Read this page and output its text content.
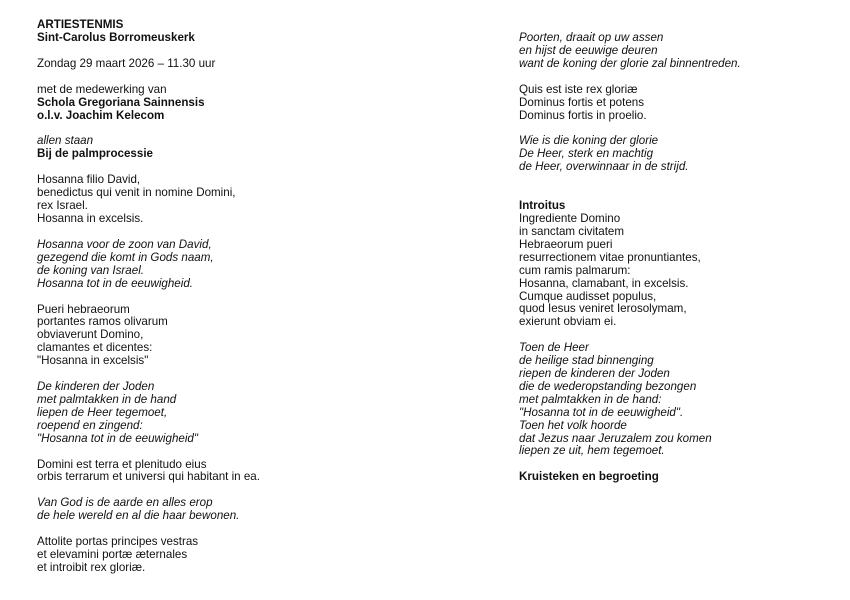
ARTIESTENMIS
Sint-Carolus Borromeuskerk
Zondag 29 maart 2026 – 11.30 uur
met de medewerking van
Schola Gregoriana Sainnensis
o.l.v. Joachim Kelecom
allen staan
Bij de palmprocessie
Hosanna filio David,
benedictus qui venit in nomine Domini,
rex Israel.
Hosanna in excelsis.
Hosanna voor de zoon van David,
gezegend die komt in Gods naam,
de koning van Israel.
Hosanna tot in de eeuwigheid.
Pueri hebraeorum
portantes ramos olivarum
obviaverunt Domino,
clamantes et dicentes:
"Hosanna in excelsis"
De kinderen der Joden
met palmtakken in de hand
liepen de Heer tegemoet,
roepend en zingend:
"Hosanna tot in de eeuwigheid"
Domini est terra et plenitudo eius
orbis terrarum et universi qui habitant in ea.
Van God is de aarde en alles erop
de hele wereld en al die haar bewonen.
Attolite portas principes vestras
et elevamini portæ æternales
et introibit rex gloriæ.
Poorten, draait op uw assen
en hijst de eeuwige deuren
want de koning der glorie zal binnentreden.
Quis est iste rex gloriæ
Dominus fortis et potens
Dominus fortis in proelio.
Wie is die koning der glorie
De Heer, sterk en machtig
de Heer, overwinnaar in de strijd.
Introitus
Ingrediente Domino
in sanctam civitatem
Hebraeorum pueri
resurrectionem vitae pronuntiantes,
cum ramis palmarum:
Hosanna, clamabant, in excelsis.
Cumque audisset populus,
quod Iesus veniret Ierosolymam,
exierunt obviam ei.
Toen de Heer
de heilige stad binnenging
riepen de kinderen der Joden
die de wederopstanding bezongen
met palmtakken in de hand:
"Hosanna tot in de eeuwigheid".
Toen het volk hoorde
dat Jezus naar Jeruzalem zou komen
liepen ze uit, hem tegemoet.
Kruisteken en begroeting
